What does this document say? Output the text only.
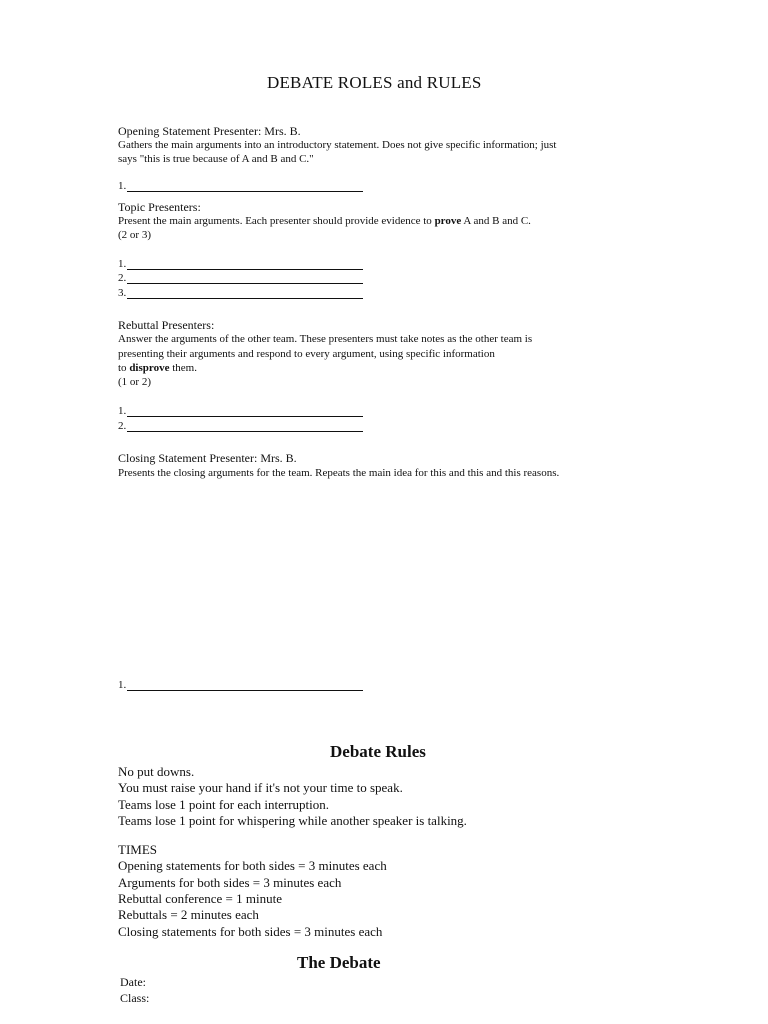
DEBATE ROLES and RULES
Opening Statement Presenter: Mrs. B.
Gathers the main arguments into an introductory statement. Does not give specific information; just
says "this is true because of A and B and C."
1.
Topic Presenters:
Present the main arguments. Each presenter should provide evidence to prove A and B and C.
(2 or 3)
1.
2.
3.
Rebuttal Presenters:
Answer the arguments of the other team. These presenters must take notes as the other team is
presenting their arguments and respond to every argument, using specific information
to disprove them.
(1 or 2)
1.
2.
Closing Statement Presenter: Mrs. B.
Presents the closing arguments for the team. Repeats the main idea for this and this and this reasons.
1.
Debate Rules
No put downs.
You must raise your hand if it's not your time to speak.
Teams lose 1 point for each interruption.
Teams lose 1 point for whispering while another speaker is talking.
TIMES
Opening statements for both sides = 3 minutes each
Arguments for both sides = 3 minutes each
Rebuttal conference = 1 minute
Rebuttals = 2 minutes each
Closing statements for both sides = 3 minutes each
The Debate
Date:
Class:
